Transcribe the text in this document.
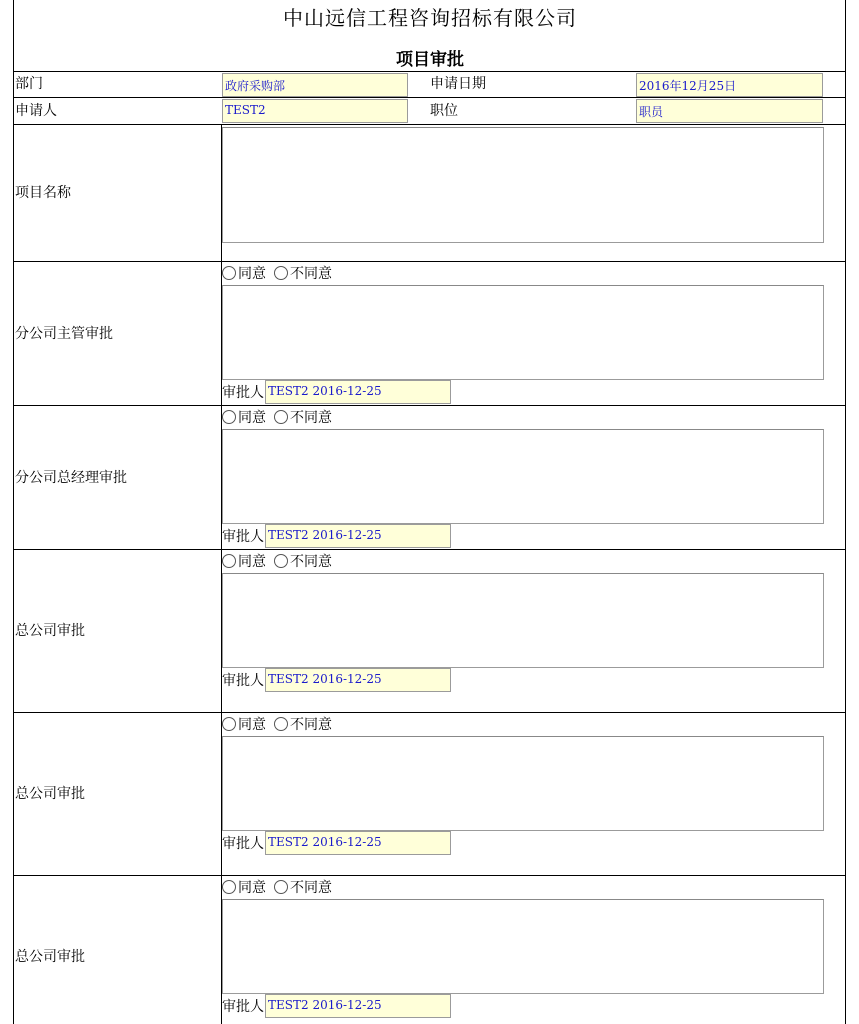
中山远信工程咨询招标有限公司
项目审批
部门	政府采购部	申请日期	2016年12月25日
申请人	TEST2	职位	职员
项目名称
分公司主管审批
同意 不同意
审批人 TEST2 2016-12-25
分公司总经理审批
同意 不同意
审批人 TEST2 2016-12-25
总公司审批
同意 不同意
审批人 TEST2 2016-12-25
总公司审批
同意 不同意
审批人 TEST2 2016-12-25
总公司审批
同意 不同意
审批人 TEST2 2016-12-25
